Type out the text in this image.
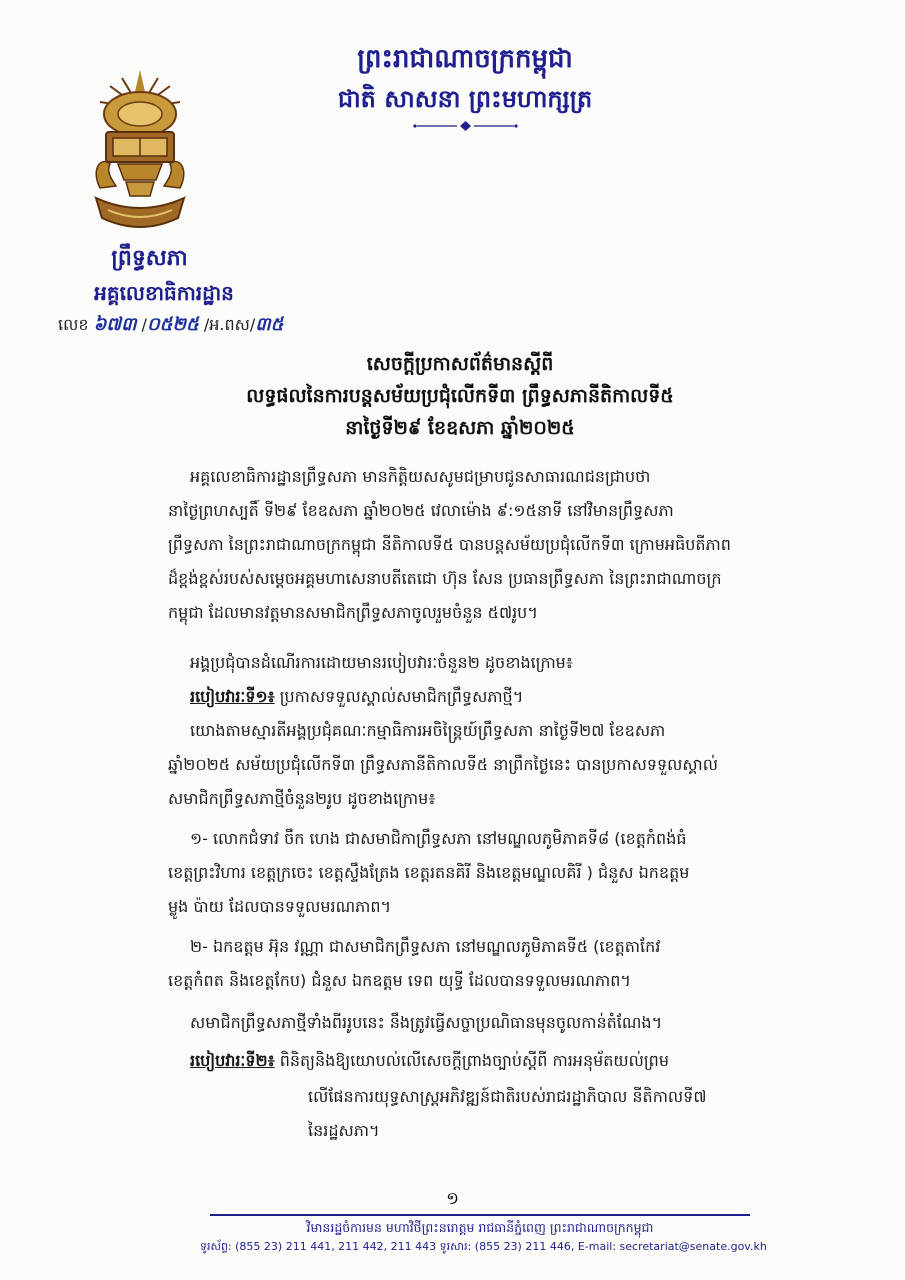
ព្រះរាជាណាចក្រកម្ពុជា
ជាតិ សាសនា ព្រះមហាក្សត្រ
ព្រឹទ្ធសភា
អគ្គលេខាធិការដ្ឋាន
លេខ ៦៧៣ /០៥២៥ /អ.ពស/៣៥
សេចក្តីប្រកាសព័ត៌មានស្តីពី
លទ្ធផលនៃការបន្តសម័យប្រជុំលើកទី៣ ព្រឹទ្ធសភានីតិកាលទី៥
នាថ្ងៃទី២៩ ខែឧសភា ឆ្នាំ២០២៥
អគ្គលេខាធិការដ្ឋានព្រឹទ្ធសភា មានកិត្តិយសសូមជម្រាបជូនសាធារណជនជ្រាបថា
នាថ្ងៃព្រហស្បតិ៍ ទី២៩ ខែឧសភា ឆ្នាំ២០២៥ វេលាម៉ោង ៩:១៥នាទី នៅវិមានព្រឹទ្ធសភា
ព្រឹទ្ធសភា នៃព្រះរាជាណាចក្រកម្ពុជា នីតិកាលទី៥ បានបន្តសម័យប្រជុំលើកទី៣ ក្រោមអធិបតីភាព
ដ៏ខ្ពង់ខ្ពស់របស់សម្តេចអគ្គមហាសេនាបតីតេជោ ហ៊ុន សែន ប្រធានព្រឹទ្ធសភា នៃព្រះរាជាណាចក្រ
កម្ពុជា ដែលមានវត្តមានសមាជិកព្រឹទ្ធសភាចូលរួមចំនួន ៥៧រូប។
អង្គប្រជុំបានដំណើរការដោយមានរបៀបវារៈចំនួន២ ដូចខាងក្រោម៖
របៀបវារៈទី១៖ ប្រកាសទទួលស្គាល់សមាជិកព្រឹទ្ធសភាថ្មី។
យោងតាមស្មារតីអង្គប្រជុំគណៈកម្មាធិការអចិន្ត្រៃយ៍ព្រឹទ្ធសភា នាថ្ងៃទី២៧ ខែឧសភា
ឆ្នាំ២០២៥ សម័យប្រជុំលើកទី៣ ព្រឹទ្ធសភានីតិកាលទី៥ នាព្រឹកថ្ងៃនេះ បានប្រកាសទទួលស្គាល់
សមាជិកព្រឹទ្ធសភាថ្មីចំនួន២រូប ដូចខាងក្រោម៖
១- លោកជំទាវ ចឹក ហេង ជាសមាជិកាព្រឹទ្ធសភា នៅមណ្ឌលភូមិភាគទី៨ (ខេត្តកំពង់ធំ
ខេត្តព្រះវិហារ ខេត្តក្រចេះ ខេត្តស្ទឹងត្រែង ខេត្តរតនគិរី និងខេត្តមណ្ឌលគិរី ) ជំនួស ឯកឧត្តម
ម្លូង ប៉ាយ ដែលបានទទួលមរណភាព។
២- ឯកឧត្តម អ៊ុន វណ្ណា ជាសមាជិកព្រឹទ្ធសភា នៅមណ្ឌលភូមិភាគទី៥ (ខេត្តតាកែវ
ខេត្តកំពត និងខេត្តកែប) ជំនួស ឯកឧត្តម ទេព យុទ្ធី ដែលបានទទួលមរណភាព។
សមាជិកព្រឹទ្ធសភាថ្មីទាំងពីររូបនេះ នឹងត្រូវធ្វើសច្ចាប្រណិធានមុនចូលកាន់តំណែង។
របៀបវារៈទី២៖ ពិនិត្យនិងឱ្យយោបល់លើសេចក្តីព្រាងច្បាប់ស្តីពី ការអនុម័តយល់ព្រម
លើផែនការយុទ្ធសាស្ត្រអភិវឌ្ឍន៍ជាតិរបស់រាជរដ្ឋាភិបាល នីតិកាលទី៧
នៃរដ្ឋសភា។
១
វិមានរដ្ឋចំការមន មហាវិថីព្រះនរោត្តម រាជធានីភ្នំពេញ ព្រះរាជាណាចក្រកម្ពុជា
ទូរស័ព្ទ: (855 23) 211 441, 211 442, 211 443 ទូរសារ: (855 23) 211 446, E-mail: secretariat@senate.gov.kh
